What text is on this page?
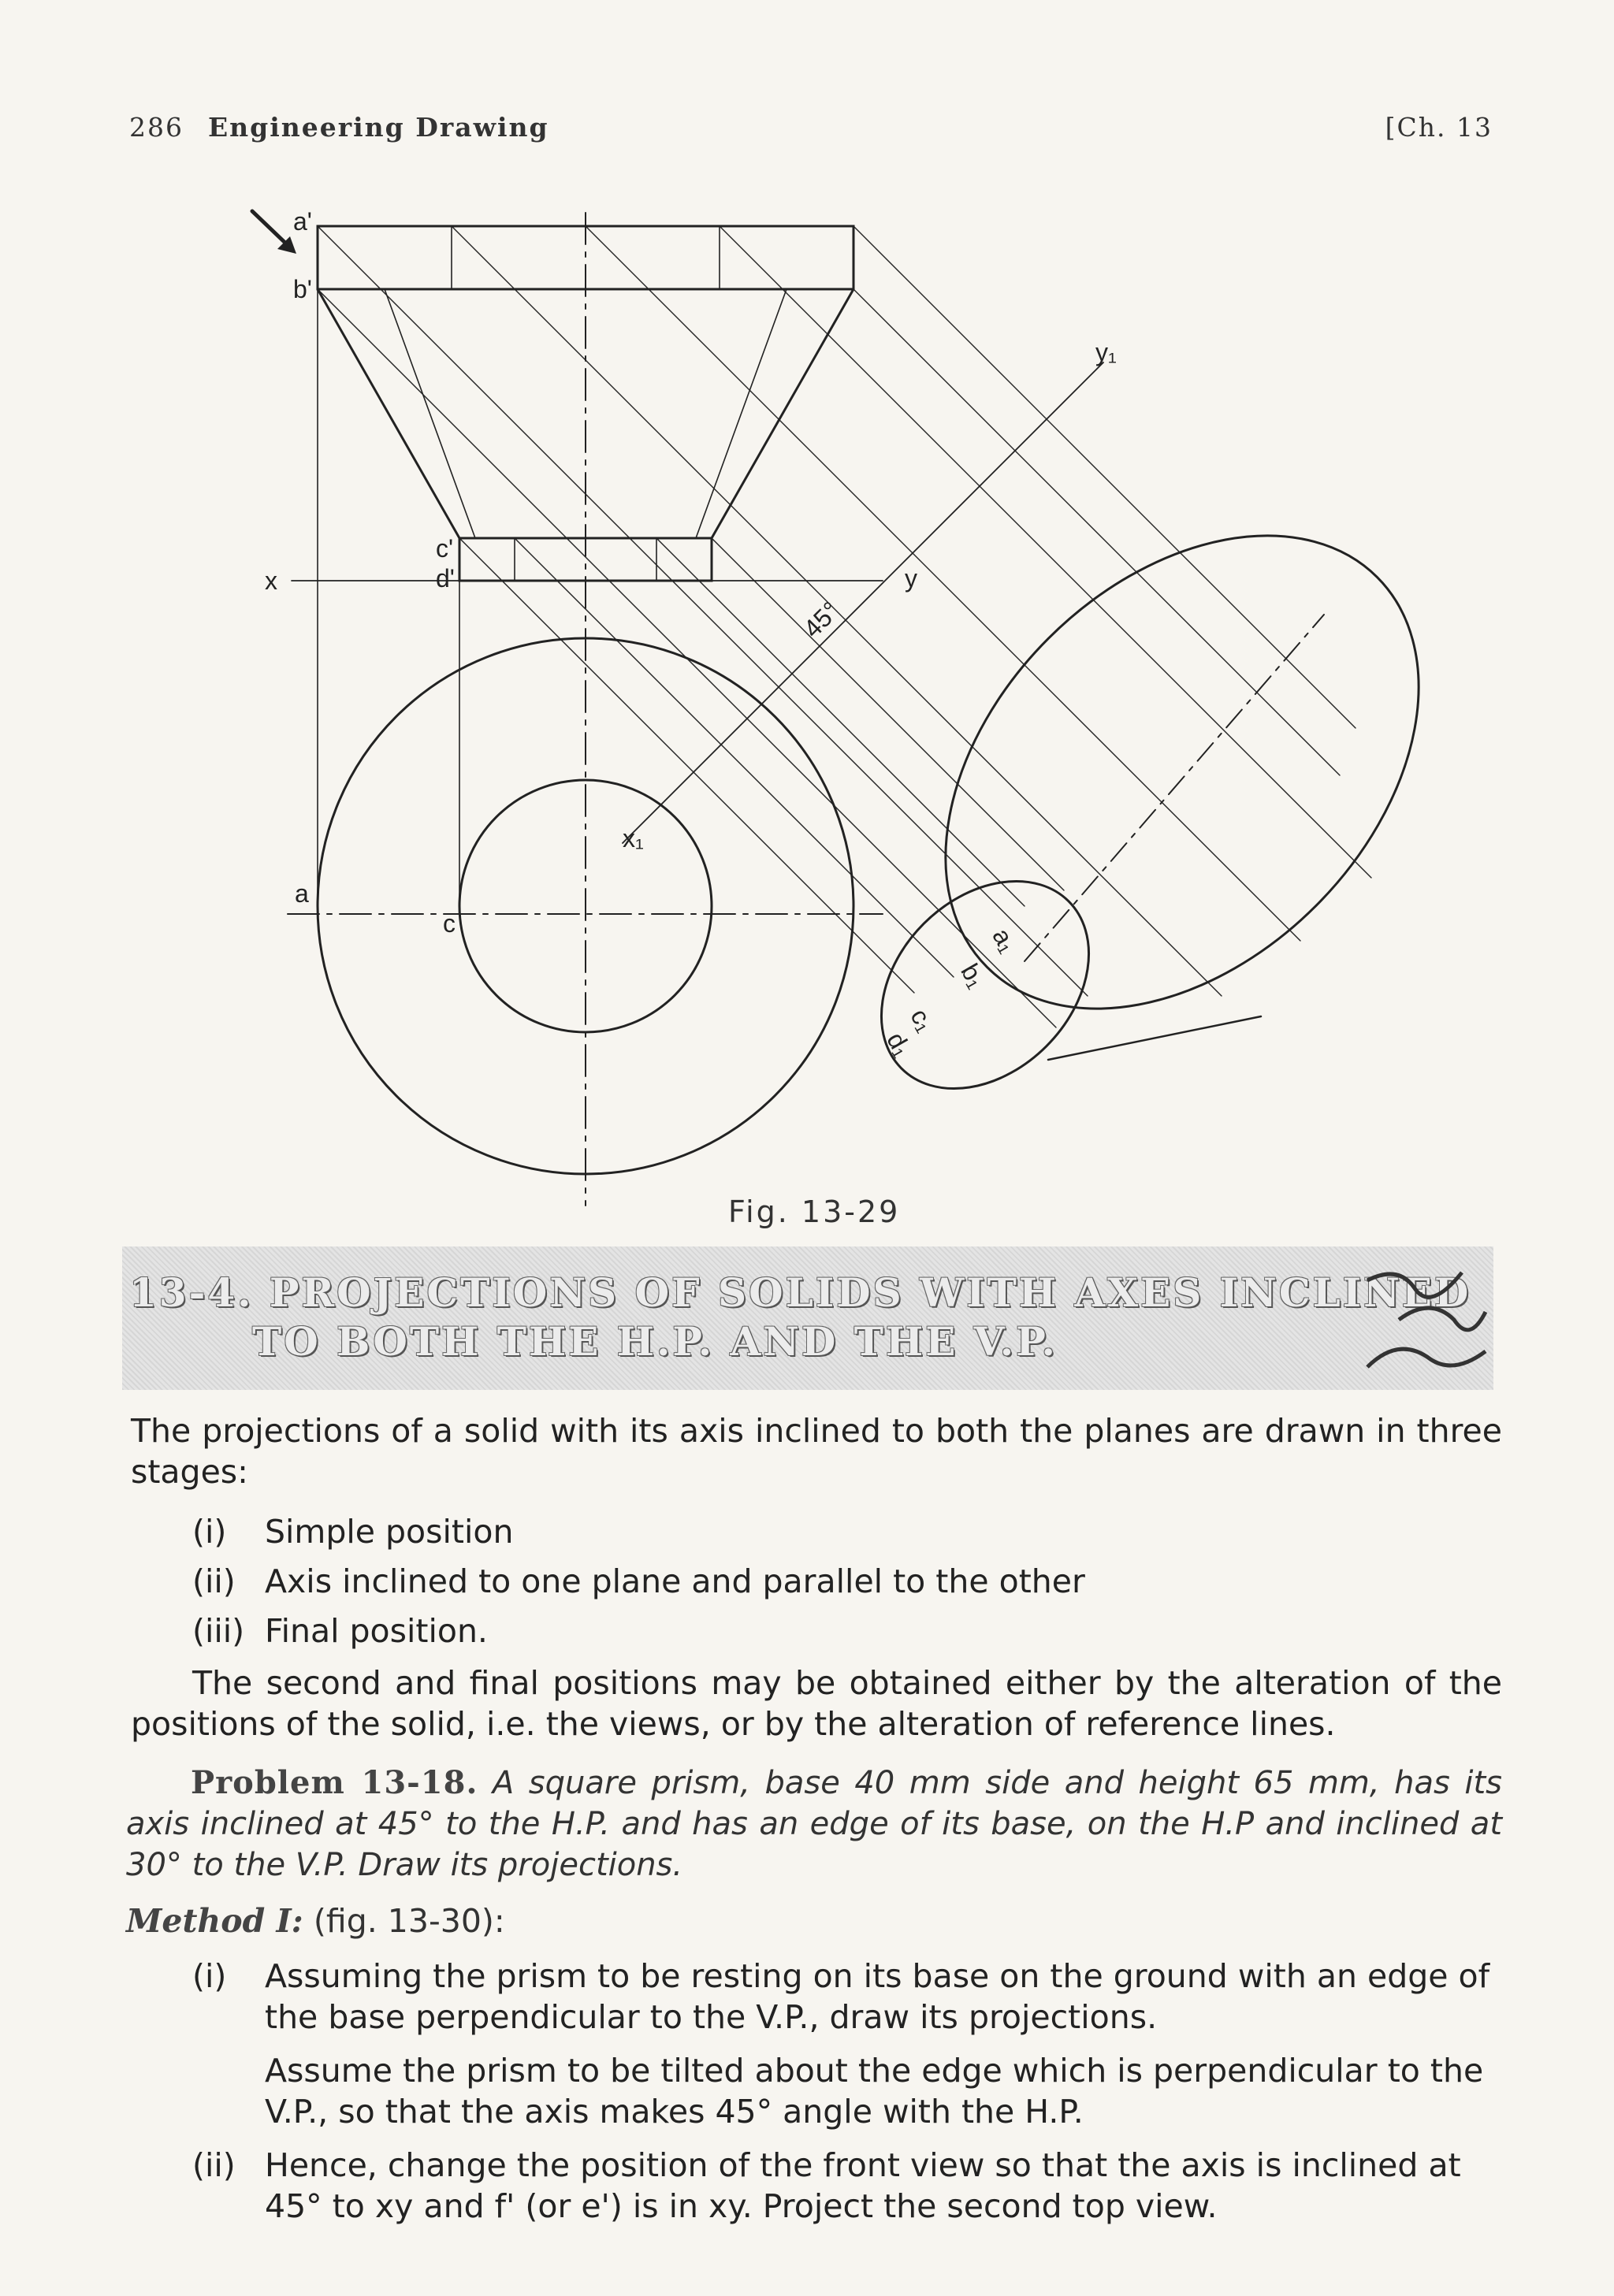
286 Engineering Drawing	[Ch. 13
a'
b'
c'
d'
x	y
y₁
x₁
a
c
45°
a₁
b₁
c₁
d₁
Fig. 13-29
13-4. PROJECTIONS OF SOLIDS WITH AXES INCLINED
TO BOTH THE H.P. AND THE V.P.
The projections of a solid with its axis inclined to both the planes are drawn in three stages:
(i) Simple position
(ii) Axis inclined to one plane and parallel to the other
(iii) Final position.
The second and final positions may be obtained either by the alteration of the positions of the solid, i.e. the views, or by the alteration of reference lines.
Problem 13-18. A square prism, base 40 mm side and height 65 mm, has its axis inclined at 45° to the H.P. and has an edge of its base, on the H.P and inclined at 30° to the V.P. Draw its projections.
Method I: (fig. 13-30):
(i) Assuming the prism to be resting on its base on the ground with an edge of the base perpendicular to the V.P., draw its projections.
Assume the prism to be tilted about the edge which is perpendicular to the V.P., so that the axis makes 45° angle with the H.P.
(ii) Hence, change the position of the front view so that the axis is inclined at 45° to xy and f' (or e') is in xy. Project the second top view.
